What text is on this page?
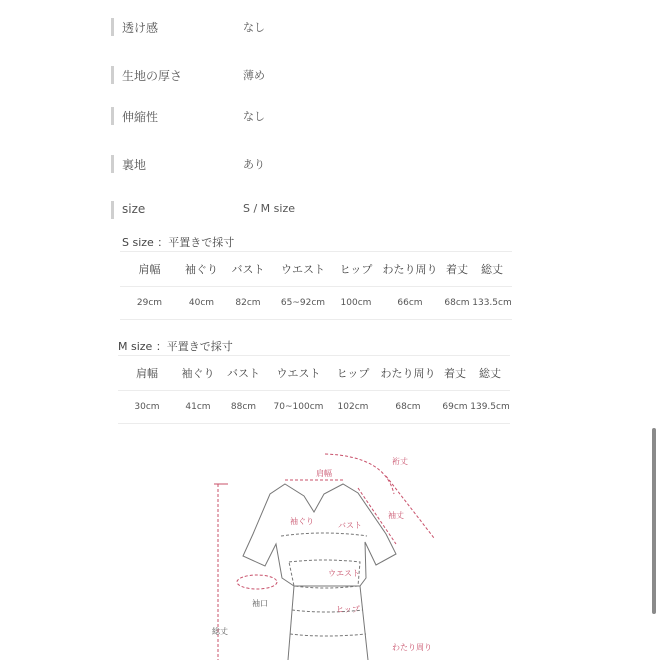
透け感	なし
生地の厚さ	薄め
伸縮性	なし
裏地	あり
size	S / M size
S size ：平置きで採寸
肩幅	袖ぐり	バスト	ウエスト	ヒップ	わたり周り	着丈	総丈
29cm	40cm	82cm	65~92cm	100cm	66cm	68cm	133.5cm
M size ：平置きで採寸
肩幅	袖ぐり	バスト	ウエスト	ヒップ	わたり周り	着丈	総丈
30cm	41cm	88cm	70~100cm	102cm	68cm	69cm	139.5cm
肩幅
裄丈
袖ぐり	バスト
袖丈
ウエスト
袖口
ヒップ
総丈
わたり周り
